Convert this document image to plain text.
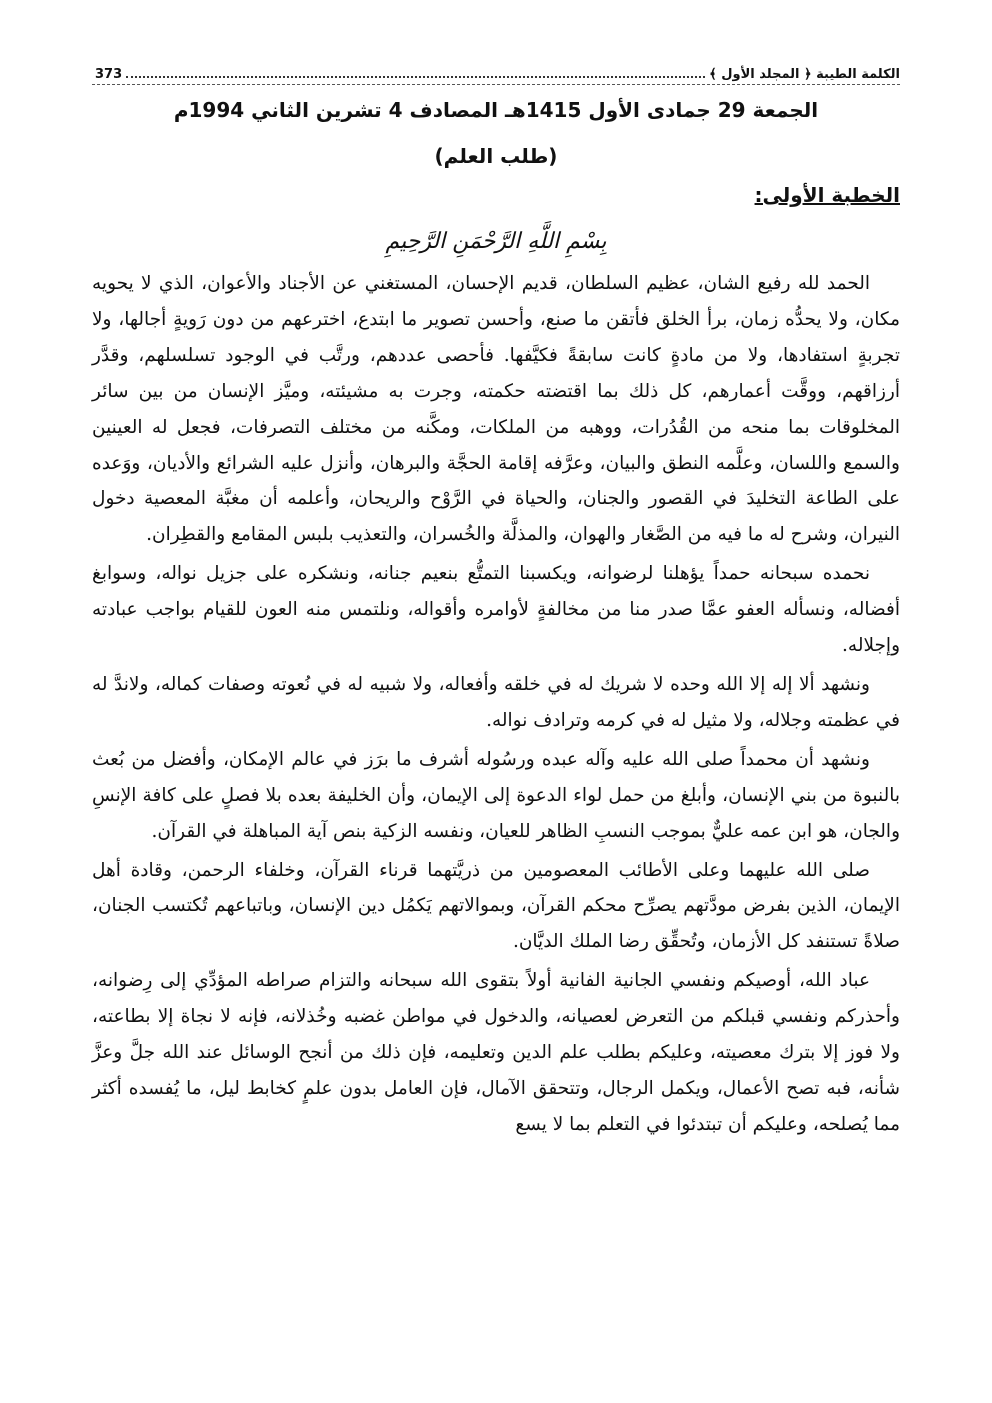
الكلمة الطيبة ﴿ المجلد الأول ﴾
373
الجمعة 29 جمادى الأول 1415هـ المصادف 4 تشرين الثاني 1994م
(طلب العلم)
الخطبة الأولى:
بِسْمِ اللَّهِ الرَّحْمَنِ الرَّحِيمِ

الحمد لله رفيع الشان، عظيم السلطان، قديم الإحسان، المستغني عن الأجناد والأعوان، الذي لا يحويه مكان، ولا يحدُّه زمان، برأ الخلق فأتقن ما صنع، وأحسن تصوير ما ابتدع، اخترعهم من دون رَويةٍ أجالها، ولا تجربةٍ استفادها، ولا من مادةٍ كانت سابقةً فكيَّفها. فأحصى عددهم، ورتَّب في الوجود تسلسلهم، وقدَّر أرزاقهم، ووقَّت أعمارهم، كل ذلك بما اقتضته حكمته، وجرت به مشيئته، وميَّز الإنسان من بين سائر المخلوقات بما منحه من القُدُرات، ووهبه من الملكات، ومكَّنه من مختلف التصرفات، فجعل له العينين والسمع واللسان، وعلَّمه النطق والبيان، وعرَّفه إقامة الحجَّة والبرهان، وأنزل عليه الشرائع والأديان، ووَعده على الطاعة التخليدَ في القصور والجنان، والحياة في الرَّوْح والريحان، وأعلمه أن مغبَّة المعصية دخول النيران، وشرح له ما فيه من الصَّغار والهوان، والمذلَّة والخُسران، والتعذيب بلبس المقامع والقطِران.

نحمده سبحانه حمداً يؤهلنا لرضوانه، ويكسبنا التمتُّع بنعيم جنانه، ونشكره على جزيل نواله، وسوابغ أفضاله، ونسأله العفو عمَّا صدر منا من مخالفةٍ لأوامره وأقواله، ونلتمس منه العون للقيام بواجب عبادته وإجلاله.

ونشهد ألا إله إلا الله وحده لا شريك له في خلقه وأفعاله، ولا شبيه له في نُعوته وصفات كماله، ولاندَّ له في عظمته وجلاله، ولا مثيل له في كرمه وترادف نواله.

ونشهد أن محمداً صلى الله عليه وآله عبده ورسُوله أشرف ما برَز في عالم الإمكان، وأفضل من بُعث بالنبوة من بني الإنسان، وأبلغ من حمل لواء الدعوة إلى الإيمان، وأن الخليفة بعده بلا فصلٍ على كافة الإنسِ والجان، هو ابن عمه عليٌّ بموجب النسبِ الظاهر للعيان، ونفسه الزكية بنص آية المباهلة في القرآن.

صلى الله عليهما وعلى الأطائب المعصومين من ذريَّتهما قرناء القرآن، وخلفاء الرحمن، وقادة أهل الإيمان، الذين بفرض مودَّتهم يصرِّح محكم القرآن، وبموالاتهم يَكمُل دين الإنسان، وباتباعهم تُكتسب الجنان، صلاةً تستنفد كل الأزمان، وتُحقِّق رضا الملك الديَّان.

عباد الله، أوصيكم ونفسي الجانية الفانية أولاً بتقوى الله سبحانه والتزام صراطه المؤدِّي إلى رِضوانه، وأحذركم ونفسي قبلكم من التعرض لعصيانه، والدخول في مواطن غضبه وخُذلانه، فإنه لا نجاة إلا بطاعته، ولا فوز إلا بترك معصيته، وعليكم بطلب علم الدين وتعليمه، فإن ذلك من أنجح الوسائل عند الله جلَّ وعزَّ شأنه، فبه تصح الأعمال، ويكمل الرجال، وتتحقق الآمال، فإن العامل بدون علمٍ كخابط ليل، ما يُفسده أكثر مما يُصلحه، وعليكم أن تبتدئوا في التعلم بما لا يسع
